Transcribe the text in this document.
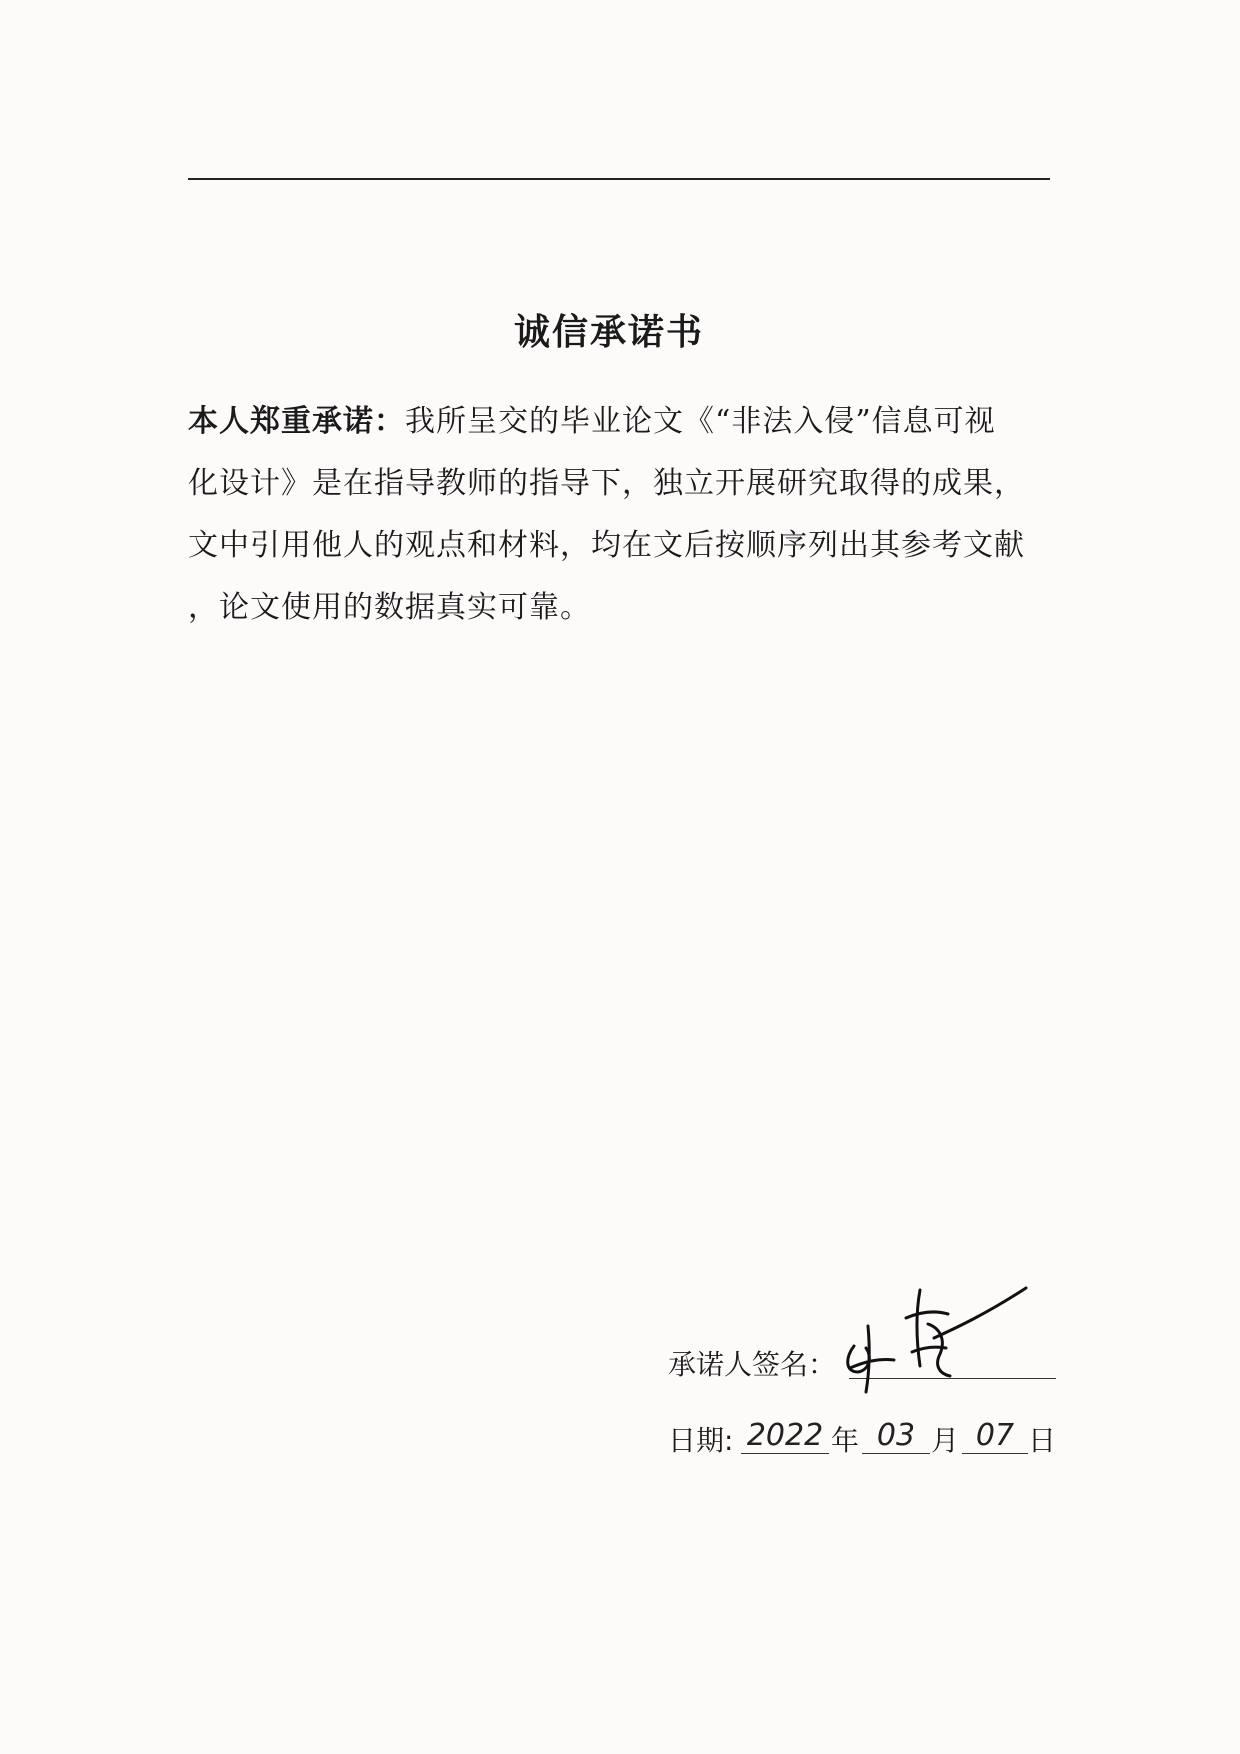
诚信承诺书
本人郑重承诺：我所呈交的毕业论文《“非法入侵”信息可视
化设计》是在指导教师的指导下，独立开展研究取得的成果，
文中引用他人的观点和材料，均在文后按顺序列出其参考文献
，论文使用的数据真实可靠。
承诺人签名：
日期: 2022 年 03 月 07 日
